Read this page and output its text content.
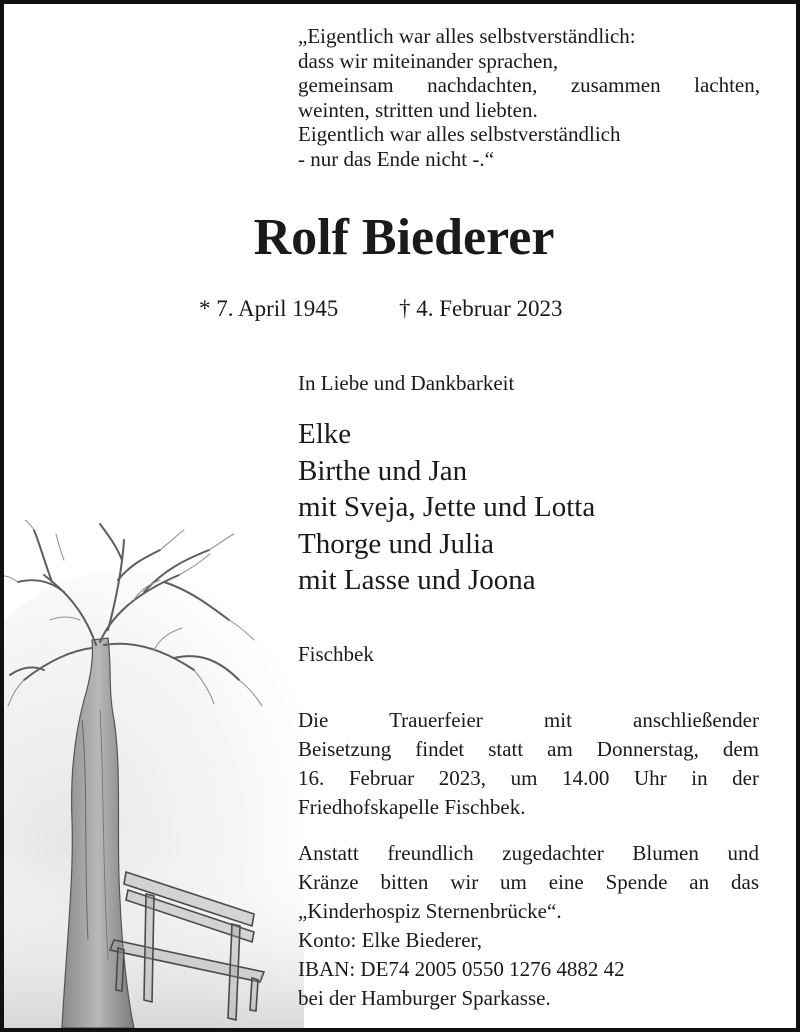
„Eigentlich war alles selbstverständlich:
dass wir miteinander sprachen,
gemeinsam nachdachten, zusammen lachten,
weinten, stritten und liebten.
Eigentlich war alles selbstverständlich
- nur das Ende nicht -.“
Rolf Biederer
* 7. April 1945	† 4. Februar 2023
In Liebe und Dankbarkeit
Elke
Birthe und Jan
mit Sveja, Jette und Lotta
Thorge und Julia
mit Lasse und Joona
Fischbek
Die Trauerfeier mit anschließender
Beisetzung findet statt am Donnerstag, dem
16. Februar 2023, um 14.00 Uhr in der
Friedhofskapelle Fischbek.
Anstatt freundlich zugedachter Blumen und
Kränze bitten wir um eine Spende an das
„Kinderhospiz Sternenbrücke“.
Konto: Elke Biederer,
IBAN: DE74 2005 0550 1276 4882 42
bei der Hamburger Sparkasse.
